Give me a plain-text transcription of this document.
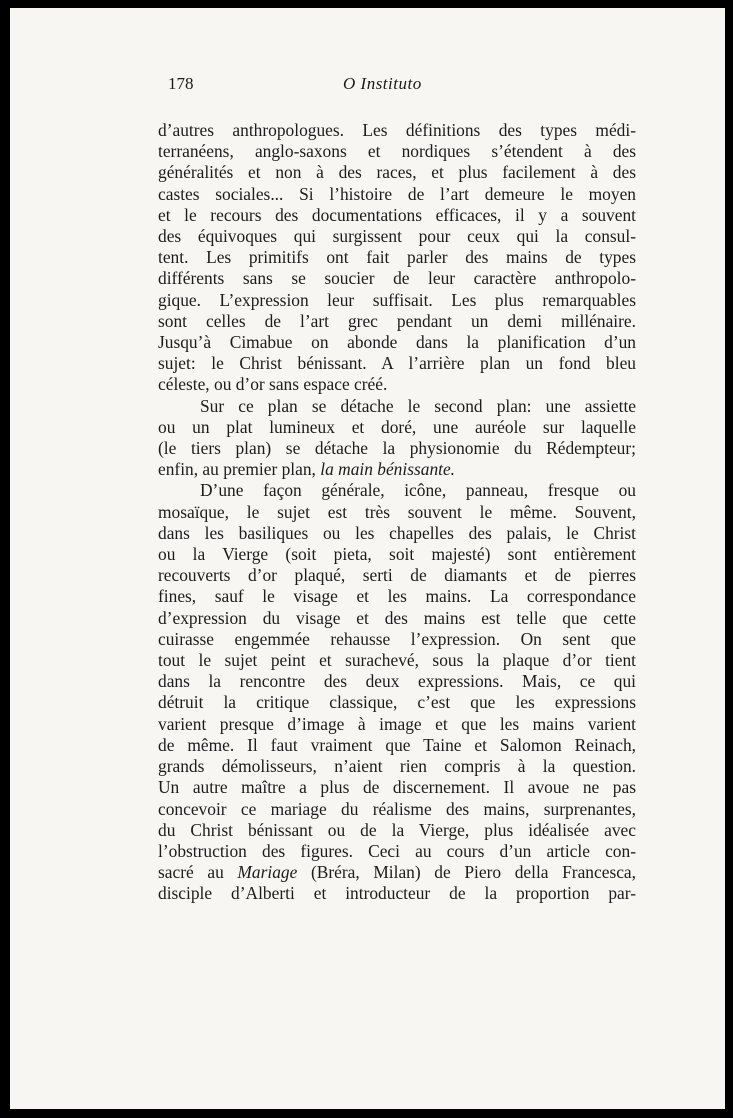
178	O Instituto

d’autres anthropologues. Les définitions des types médi-
terranéens, anglo-saxons et nordiques s’étendent à des
généralités et non à des races, et plus facilement à des
castes sociales... Si l’histoire de l’art demeure le moyen
et le recours des documentations efficaces, il y a souvent
des équivoques qui surgissent pour ceux qui la consul-
tent. Les primitifs ont fait parler des mains de types
différents sans se soucier de leur caractère anthropolo-
gique. L’expression leur suffisait. Les plus remarquables
sont celles de l’art grec pendant un demi millénaire.
Jusqu’à Cimabue on abonde dans la planification d’un
sujet: le Christ bénissant. A l’arrière plan un fond bleu
céleste, ou d’or sans espace créé.

Sur ce plan se détache le second plan: une assiette
ou un plat lumineux et doré, une auréole sur laquelle
(le tiers plan) se détache la physionomie du Rédempteur;
enfin, au premier plan, la main bénissante.

D’une façon générale, icône, panneau, fresque ou
mosaïque, le sujet est très souvent le même. Souvent,
dans les basiliques ou les chapelles des palais, le Christ
ou la Vierge (soit pieta, soit majesté) sont entièrement
recouverts d’or plaqué, serti de diamants et de pierres
fines, sauf le visage et les mains. La correspondance
d’expression du visage et des mains est telle que cette
cuirasse engemmée rehausse l’expression. On sent que
tout le sujet peint et surachevé, sous la plaque d’or tient
dans la rencontre des deux expressions. Mais, ce qui
détruit la critique classique, c’est que les expressions
varient presque d’image à image et que les mains varient
de même. Il faut vraiment que Taine et Salomon Reinach,
grands démolisseurs, n’aient rien compris à la question.
Un autre maître a plus de discernement. Il avoue ne pas
concevoir ce mariage du réalisme des mains, surprenantes,
du Christ bénissant ou de la Vierge, plus idéalisée avec
l’obstruction des figures. Ceci au cours d’un article con-
sacré au Mariage (Bréra, Milan) de Piero della Francesca,
disciple d’Alberti et introducteur de la proportion par-
